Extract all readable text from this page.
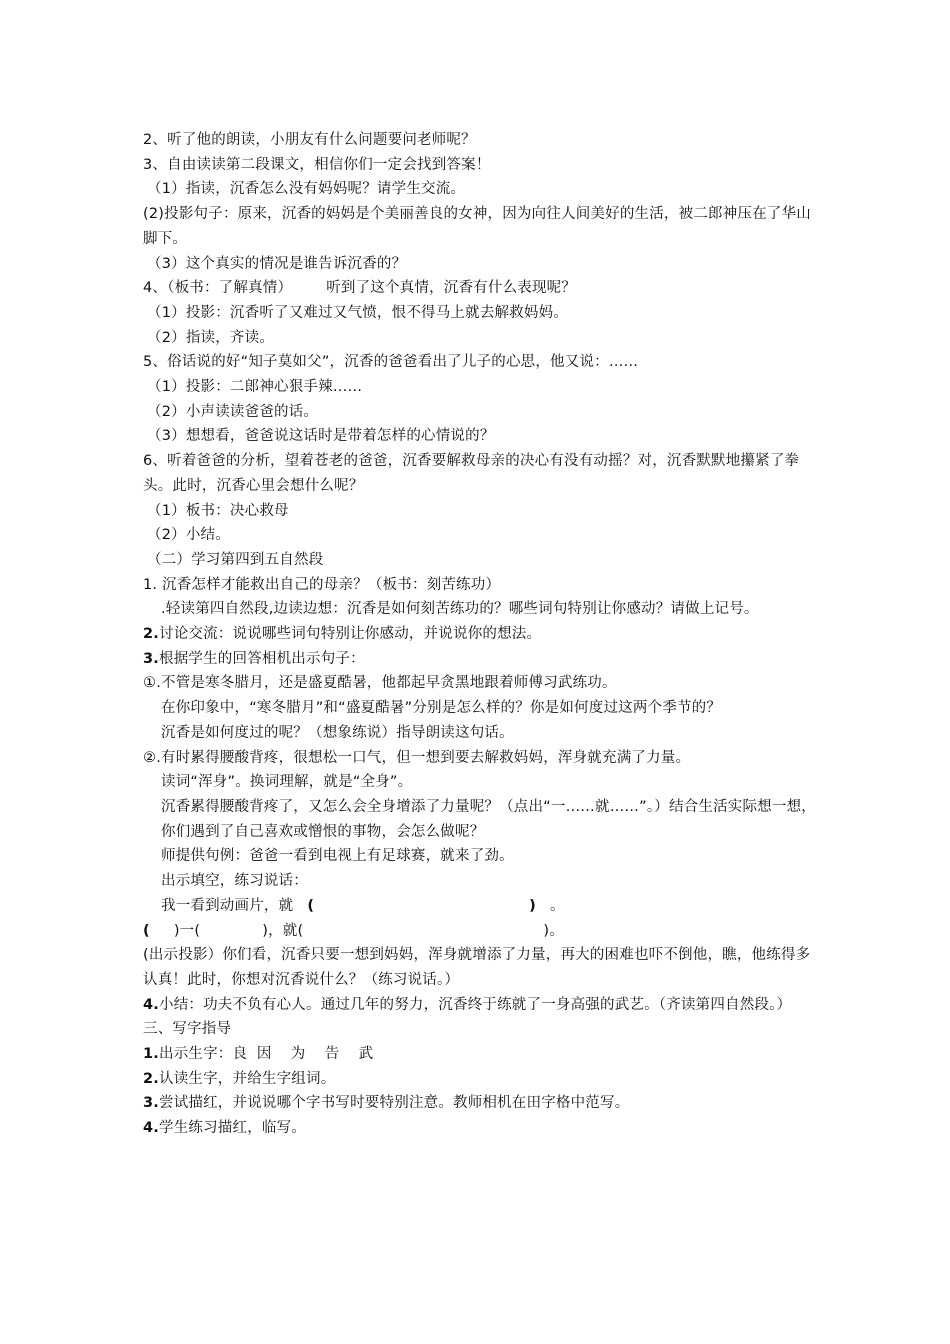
2、听了他的朗读，小朋友有什么问题要问老师呢？
3、自由读读第二段课文，相信你们一定会找到答案！
（1）指读，沉香怎么没有妈妈呢？请学生交流。
(2)投影句子：原来，沉香的妈妈是个美丽善良的女神，因为向往人间美好的生活，被二郎神压在了华山脚下。
（3）这个真实的情况是谁告诉沉香的？
4、（板书：了解真情） 听到了这个真情，沉香有什么表现呢？
（1）投影：沉香听了又难过又气愤，恨不得马上就去解救妈妈。
（2）指读，齐读。
5、俗话说的好“知子莫如父”，沉香的爸爸看出了儿子的心思，他又说：……
（1）投影：二郎神心狠手辣……
（2）小声读读爸爸的话。
（3）想想看，爸爸说这话时是带着怎样的心情说的？
6、听着爸爸的分析，望着苍老的爸爸，沉香要解救母亲的决心有没有动摇？对，沉香默默地攥紧了拳头。此时，沉香心里会想什么呢？
（1）板书：决心救母
（2）小结。
（二）学习第四到五自然段
1. 沉香怎样才能救出自己的母亲？（板书：刻苦练功）
.轻读第四自然段,边读边想：沉香是如何刻苦练功的？哪些词句特别让你感动？请做上记号。
2.讨论交流：说说哪些词句特别让你感动，并说说你的想法。
3.根据学生的回答相机出示句子：
①.不管是寒冬腊月，还是盛夏酷暑，他都起早贪黑地跟着师傅习武练功。
在你印象中，“寒冬腊月”和“盛夏酷暑”分别是怎么样的？你是如何度过这两个季节的？
沉香是如何度过的呢？（想象练说）指导朗读这句话。
②.有时累得腰酸背疼，很想松一口气，但一想到要去解救妈妈，浑身就充满了力量。
读词“浑身”。换词理解，就是“全身”。
沉香累得腰酸背疼了，又怎么会全身增添了力量呢？（点出“一……就……”。）结合生活实际想一想，你们遇到了自己喜欢或憎恨的事物，会怎么做呢？
师提供句例：爸爸一看到电视上有足球赛，就来了劲。
出示填空，练习说话：
我一看到动画片，就 (	) 。
( )一(	)，就(	)。
(出示投影）你们看，沉香只要一想到妈妈，浑身就增添了力量，再大的困难也吓不倒他，瞧，他练得多认真！此时，你想对沉香说什么？（练习说话。）
4.小结：功夫不负有心人。通过几年的努力，沉香终于练就了一身高强的武艺。（齐读第四自然段。）
三、写字指导
1.出示生字：良  因    为    告    武
2.认读生字，并给生字组词。
3.尝试描红，并说说哪个字书写时要特别注意。教师相机在田字格中范写。
4.学生练习描红，临写。
